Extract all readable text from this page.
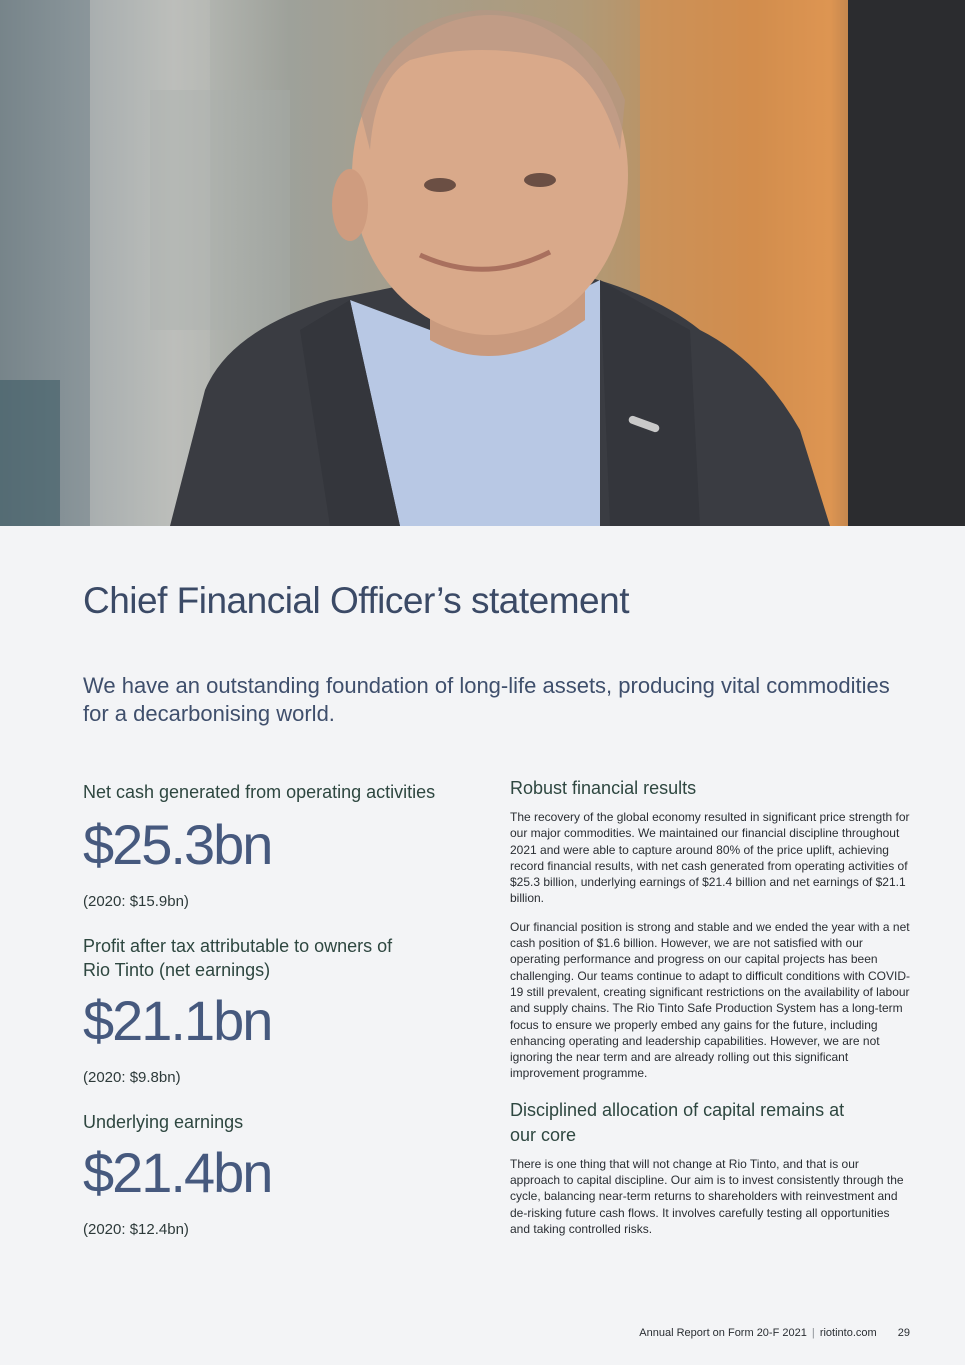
Chief Financial Officer’s statement

We have an outstanding foundation of long-life assets, producing vital commodities for a decarbonising world.

Net cash generated from operating activities

$25.3bn

(2020: $15.9bn)

Profit after tax attributable to owners of

Rio Tinto (net earnings)

$21.1bn

(2020: $9.8bn)

Underlying earnings

$21.4bn

(2020: $12.4bn)

Robust financial results

The recovery of the global economy resulted in significant price strength for our major commodities. We maintained our financial discipline throughout 2021 and were able to capture around 80% of the price uplift, achieving record financial results, with net cash generated from operating activities of $25.3 billion, underlying earnings of $21.4 billion and net earnings of $21.1 billion.

Our financial position is strong and stable and we ended the year with a net cash position of $1.6 billion. However, we are not satisfied with our operating performance and progress on our capital projects has been challenging. Our teams continue to adapt to difficult conditions with COVID-19 still prevalent, creating significant restrictions on the availability of labour and supply chains. The Rio Tinto Safe Production System has a long-term focus to ensure we properly embed any gains for the future, including enhancing operating and leadership capabilities. However, we are not ignoring the near term and are already rolling out this significant improvement programme.

Disciplined allocation of capital remains at
our core

There is one thing that will not change at Rio Tinto, and that is our approach to capital discipline. Our aim is to invest consistently through the cycle, balancing near-term returns to shareholders with reinvestment and de-risking future cash flows. It involves carefully testing all opportunities and taking controlled risks.

Annual Report on Form 20-F 2021 | riotinto.com 29
